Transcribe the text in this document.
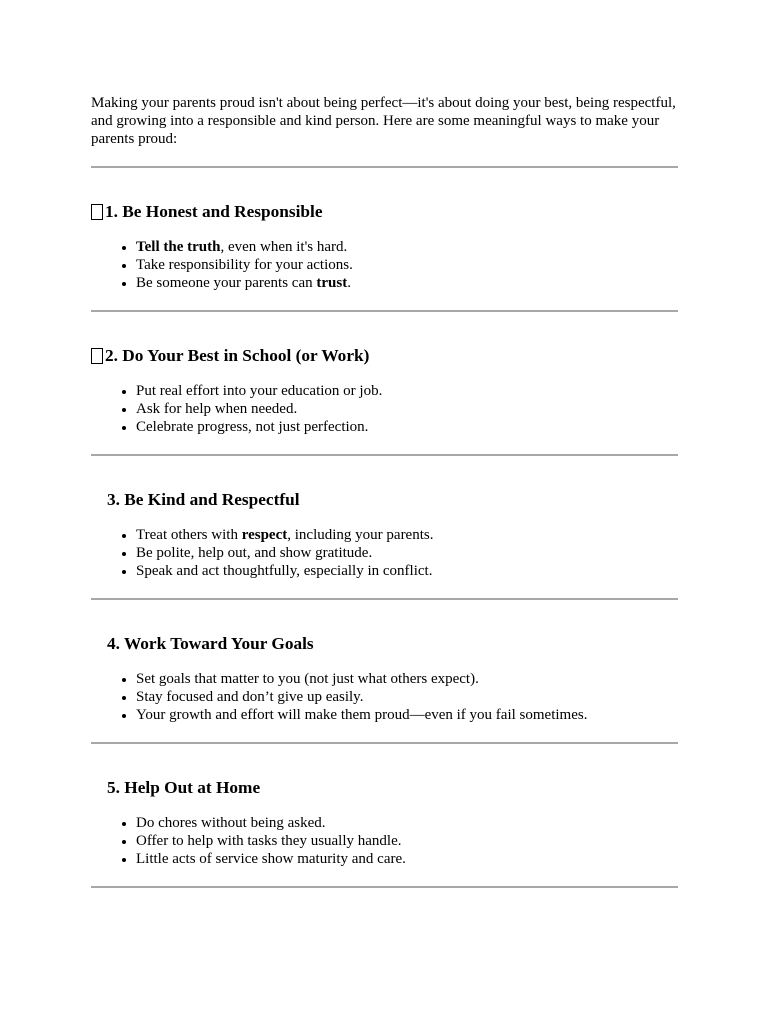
Making your parents proud isn't about being perfect—it's about doing your best, being respectful, and growing into a responsible and kind person. Here are some meaningful ways to make your parents proud:

1. Be Honest and Responsible
• Tell the truth, even when it's hard.
• Take responsibility for your actions.
• Be someone your parents can trust.
2. Do Your Best in School (or Work)
• Put real effort into your education or job.
• Ask for help when needed.
• Celebrate progress, not just perfection.
3. Be Kind and Respectful
• Treat others with respect, including your parents.
• Be polite, help out, and show gratitude.
• Speak and act thoughtfully, especially in conflict.
4. Work Toward Your Goals
• Set goals that matter to you (not just what others expect).
• Stay focused and don’t give up easily.
• Your growth and effort will make them proud—even if you fail sometimes.
5. Help Out at Home
• Do chores without being asked.
• Offer to help with tasks they usually handle.
• Little acts of service show maturity and care.
